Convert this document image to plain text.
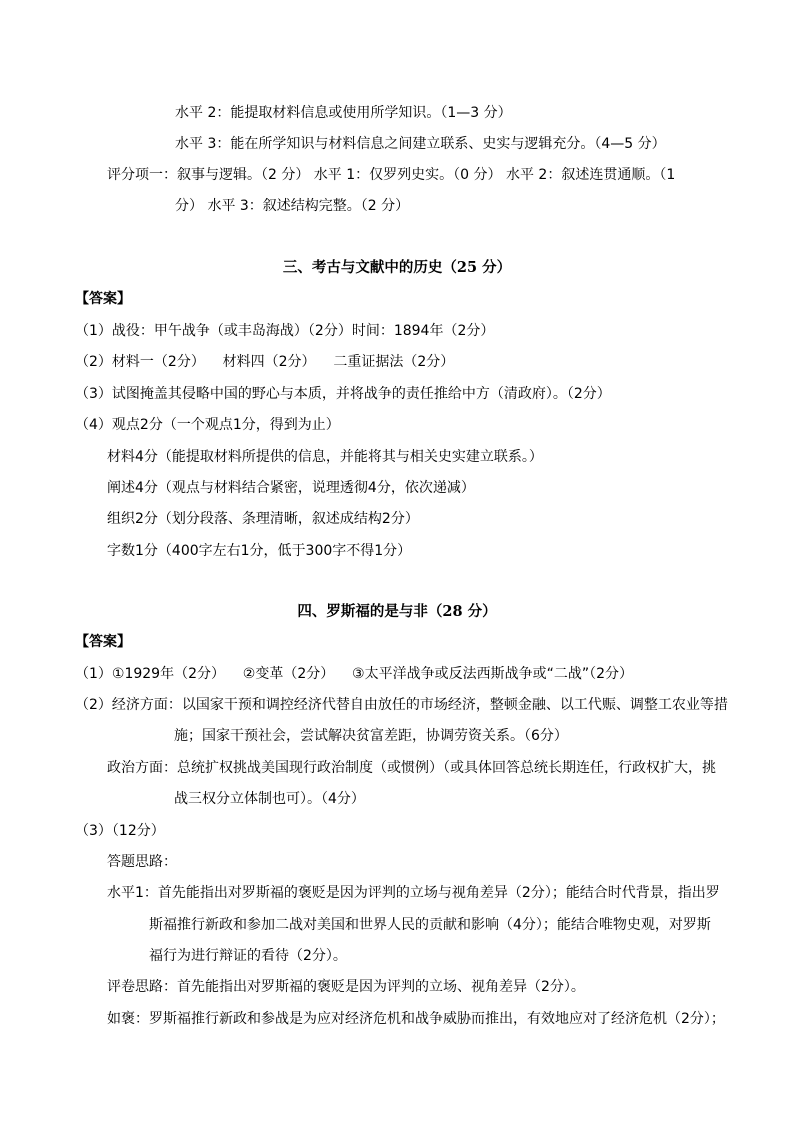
水平 2：能提取材料信息或使用所学知识。（1—3 分）
水平 3：能在所学知识与材料信息之间建立联系、史实与逻辑充分。（4—5 分）
评分项一：叙事与逻辑。（2 分） 水平 1：仅罗列史实。（0 分） 水平 2：叙述连贯通顺。（1
分） 水平 3：叙述结构完整。（2 分）
三、考古与文献中的历史（25 分）
【答案】
（1）战役：甲午战争（或丰岛海战）（2分）时间：1894年（2分）
（2）材料一（2分）    材料四（2分）    二重证据法（2分）
（3）试图掩盖其侵略中国的野心与本质，并将战争的责任推给中方（清政府）。（2分）
（4）观点2分（一个观点1分，得到为止）
材料4分（能提取材料所提供的信息，并能将其与相关史实建立联系。）
阐述4分（观点与材料结合紧密，说理透彻4分，依次递减）
组织2分（划分段落、条理清晰，叙述成结构2分）
字数1分（400字左右1分，低于300字不得1分）
四、罗斯福的是与非（28 分）
【答案】
（1）①1929年（2分）    ②变革（2分）    ③太平洋战争或反法西斯战争或“二战”（2分）
（2）经济方面：以国家干预和调控经济代替自由放任的市场经济，整顿金融、以工代赈、调整工农业等措
施；国家干预社会，尝试解决贫富差距，协调劳资关系。（6分）
政治方面：总统扩权挑战美国现行政治制度（或惯例）（或具体回答总统长期连任，行政权扩大，挑
战三权分立体制也可）。（4分）
（3）（12分）
答题思路：
水平1：首先能指出对罗斯福的褒贬是因为评判的立场与视角差异（2分）；能结合时代背景，指出罗
斯福推行新政和参加二战对美国和世界人民的贡献和影响（4分）；能结合唯物史观，对罗斯
福行为进行辩证的看待（2分）。
评卷思路：首先能指出对罗斯福的褒贬是因为评判的立场、视角差异（2分）。
如褒：罗斯福推行新政和参战是为应对经济危机和战争威胁而推出，有效地应对了经济危机（2分）；
